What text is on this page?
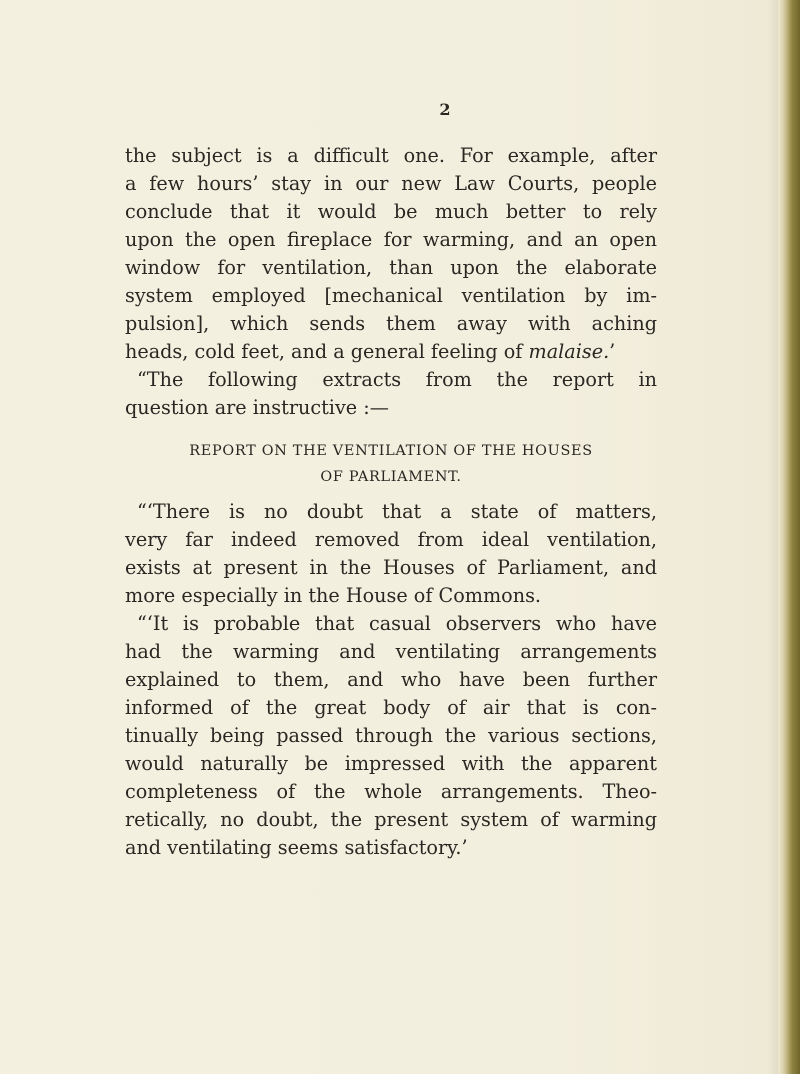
2
the subject is a difficult one. For example, after
a few hours’ stay in our new Law Courts, people
conclude that it would be much better to rely
upon the open fireplace for warming, and an open
window for ventilation, than upon the elaborate
system employed [mechanical ventilation by im-
pulsion], which sends them away with aching
heads, cold feet, and a general feeling of malaise.’
“The following extracts from the report in
question are instructive :—
REPORT ON THE VENTILATION OF THE HOUSES
OF PARLIAMENT.
“‘There is no doubt that a state of matters,
very far indeed removed from ideal ventilation,
exists at present in the Houses of Parliament, and
more especially in the House of Commons.
“‘It is probable that casual observers who have
had the warming and ventilating arrangements
explained to them, and who have been further
informed of the great body of air that is con-
tinually being passed through the various sections,
would naturally be impressed with the apparent
completeness of the whole arrangements. Theo-
retically, no doubt, the present system of warming
and ventilating seems satisfactory.’
